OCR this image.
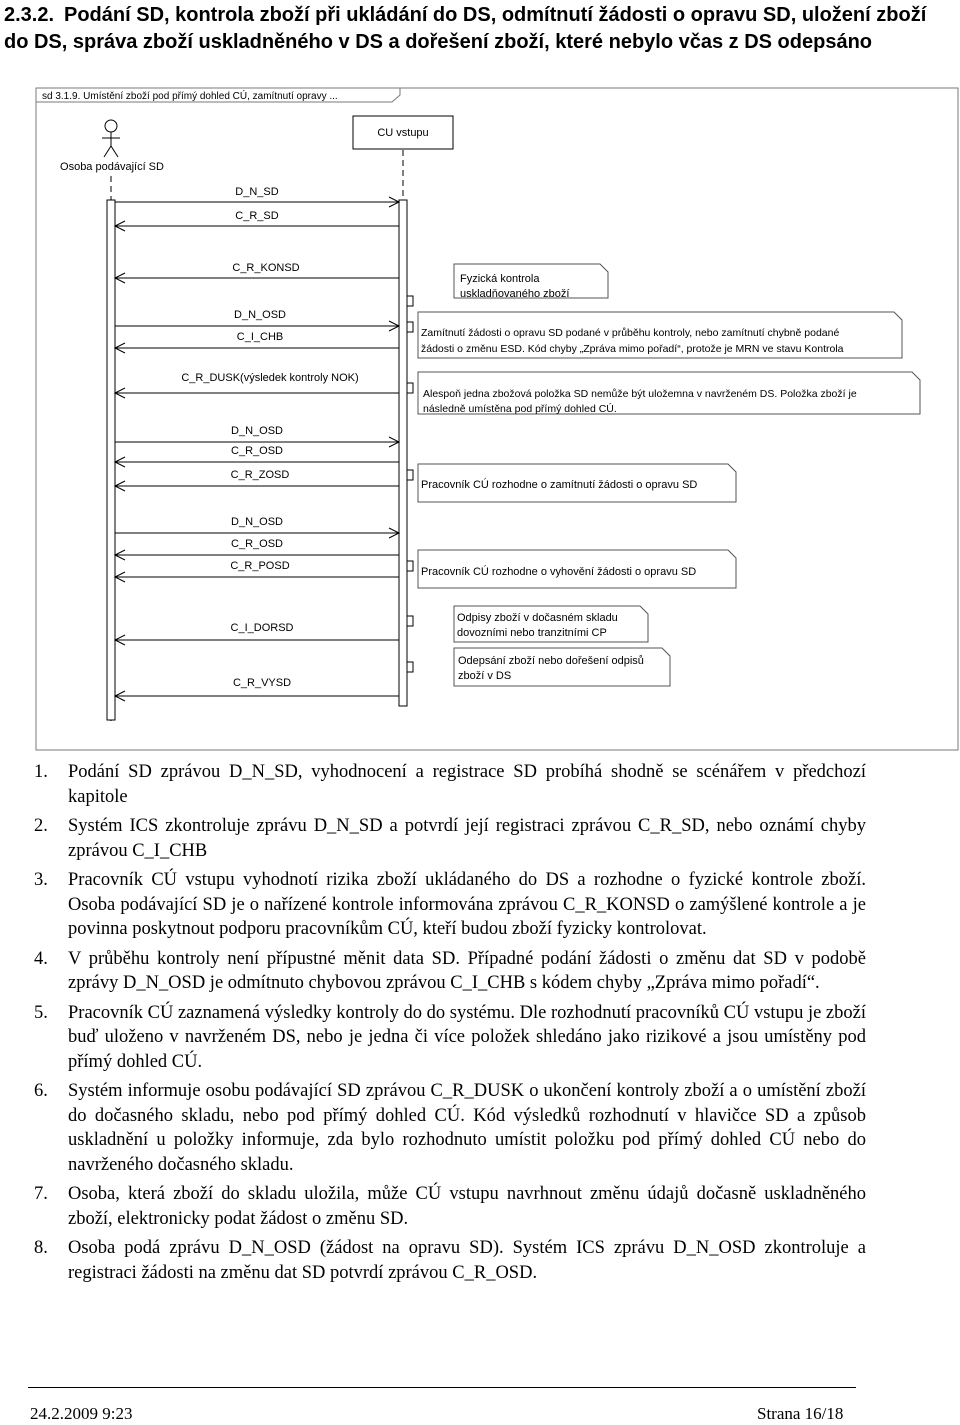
2.3.2. Podání SD, kontrola zboží při ukládání do DS, odmítnutí žádosti o opravu SD, uložení zboží do DS, správa zboží uskladněného v DS a dořešení zboží, které nebylo včas z DS odepsáno
sd 3.1.9. Umístění zboží pod přímý dohled CÚ, zamítnutí opravy ...
Osoba podávající SD
CU vstupu
D_N_SD
C_R_SD
C_R_KONSD
D_N_OSD
C_I_CHB
C_R_DUSK(výsledek kontroly NOK)
D_N_OSD
C_R_OSD
C_R_ZOSD
D_N_OSD
C_R_OSD
C_R_POSD
C_I_DORSD
C_R_VYSD
Fyzická kontrola
uskladňovaného zboží
Zamítnutí žádosti o opravu SD podané v průběhu kontroly, nebo zamítnutí chybně podané
žádosti o změnu ESD. Kód chyby „Zpráva mimo pořadí“, protože je MRN ve stavu Kontrola
Alespoň jedna zbožová položka SD nemůže být uložemna v navrženém DS. Položka zboží je
následně umístěna pod přímý dohled CÚ.
Pracovník CÚ rozhodne o zamítnutí žádosti o opravu SD
Pracovník CÚ rozhodne o vyhovění žádosti o opravu SD
Odpisy zboží v dočasném skladu
dovozními nebo tranzitními CP
Odepsání zboží nebo dořešení odpisů
zboží v DS
1. Podání SD zprávou D_N_SD, vyhodnocení a registrace SD probíhá shodně se scénářem v předchozí kapitole
2. Systém ICS zkontroluje zprávu D_N_SD a potvrdí její registraci zprávou C_R_SD, nebo oznámí chyby zprávou C_I_CHB
3. Pracovník CÚ vstupu vyhodnotí rizika zboží ukládaného do DS a rozhodne o fyzické kontrole zboží. Osoba podávající SD je o nařízené kontrole informována zprávou C_R_KONSD o zamýšlené kontrole a je povinna poskytnout podporu pracovníkům CÚ, kteří budou zboží fyzicky kontrolovat.
4. V průběhu kontroly není přípustné měnit data SD. Případné podání žádosti o změnu dat SD v podobě zprávy D_N_OSD je odmítnuto chybovou zprávou C_I_CHB s kódem chyby „Zpráva mimo pořadí“.
5. Pracovník CÚ zaznamená výsledky kontroly do do systému. Dle rozhodnutí pracovníků CÚ vstupu je zboží buď uloženo v navrženém DS, nebo je jedna či více položek shledáno jako rizikové a jsou umístěny pod přímý dohled CÚ.
6. Systém informuje osobu podávající SD zprávou C_R_DUSK o ukončení kontroly zboží a o umístění zboží do dočasného skladu, nebo pod přímý dohled CÚ. Kód výsledků rozhodnutí v hlavičce SD a způsob uskladnění u položky informuje, zda bylo rozhodnuto umístit položku pod přímý dohled CÚ nebo do navrženého dočasného skladu.
7. Osoba, která zboží do skladu uložila, může CÚ vstupu navrhnout změnu údajů dočasně uskladněného zboží, elektronicky podat žádost o změnu SD.
8. Osoba podá zprávu D_N_OSD (žádost na opravu SD). Systém ICS zprávu D_N_OSD zkontroluje a registraci žádosti na změnu dat SD potvrdí zprávou C_R_OSD.
24.2.2009 9:23	Strana 16/18
